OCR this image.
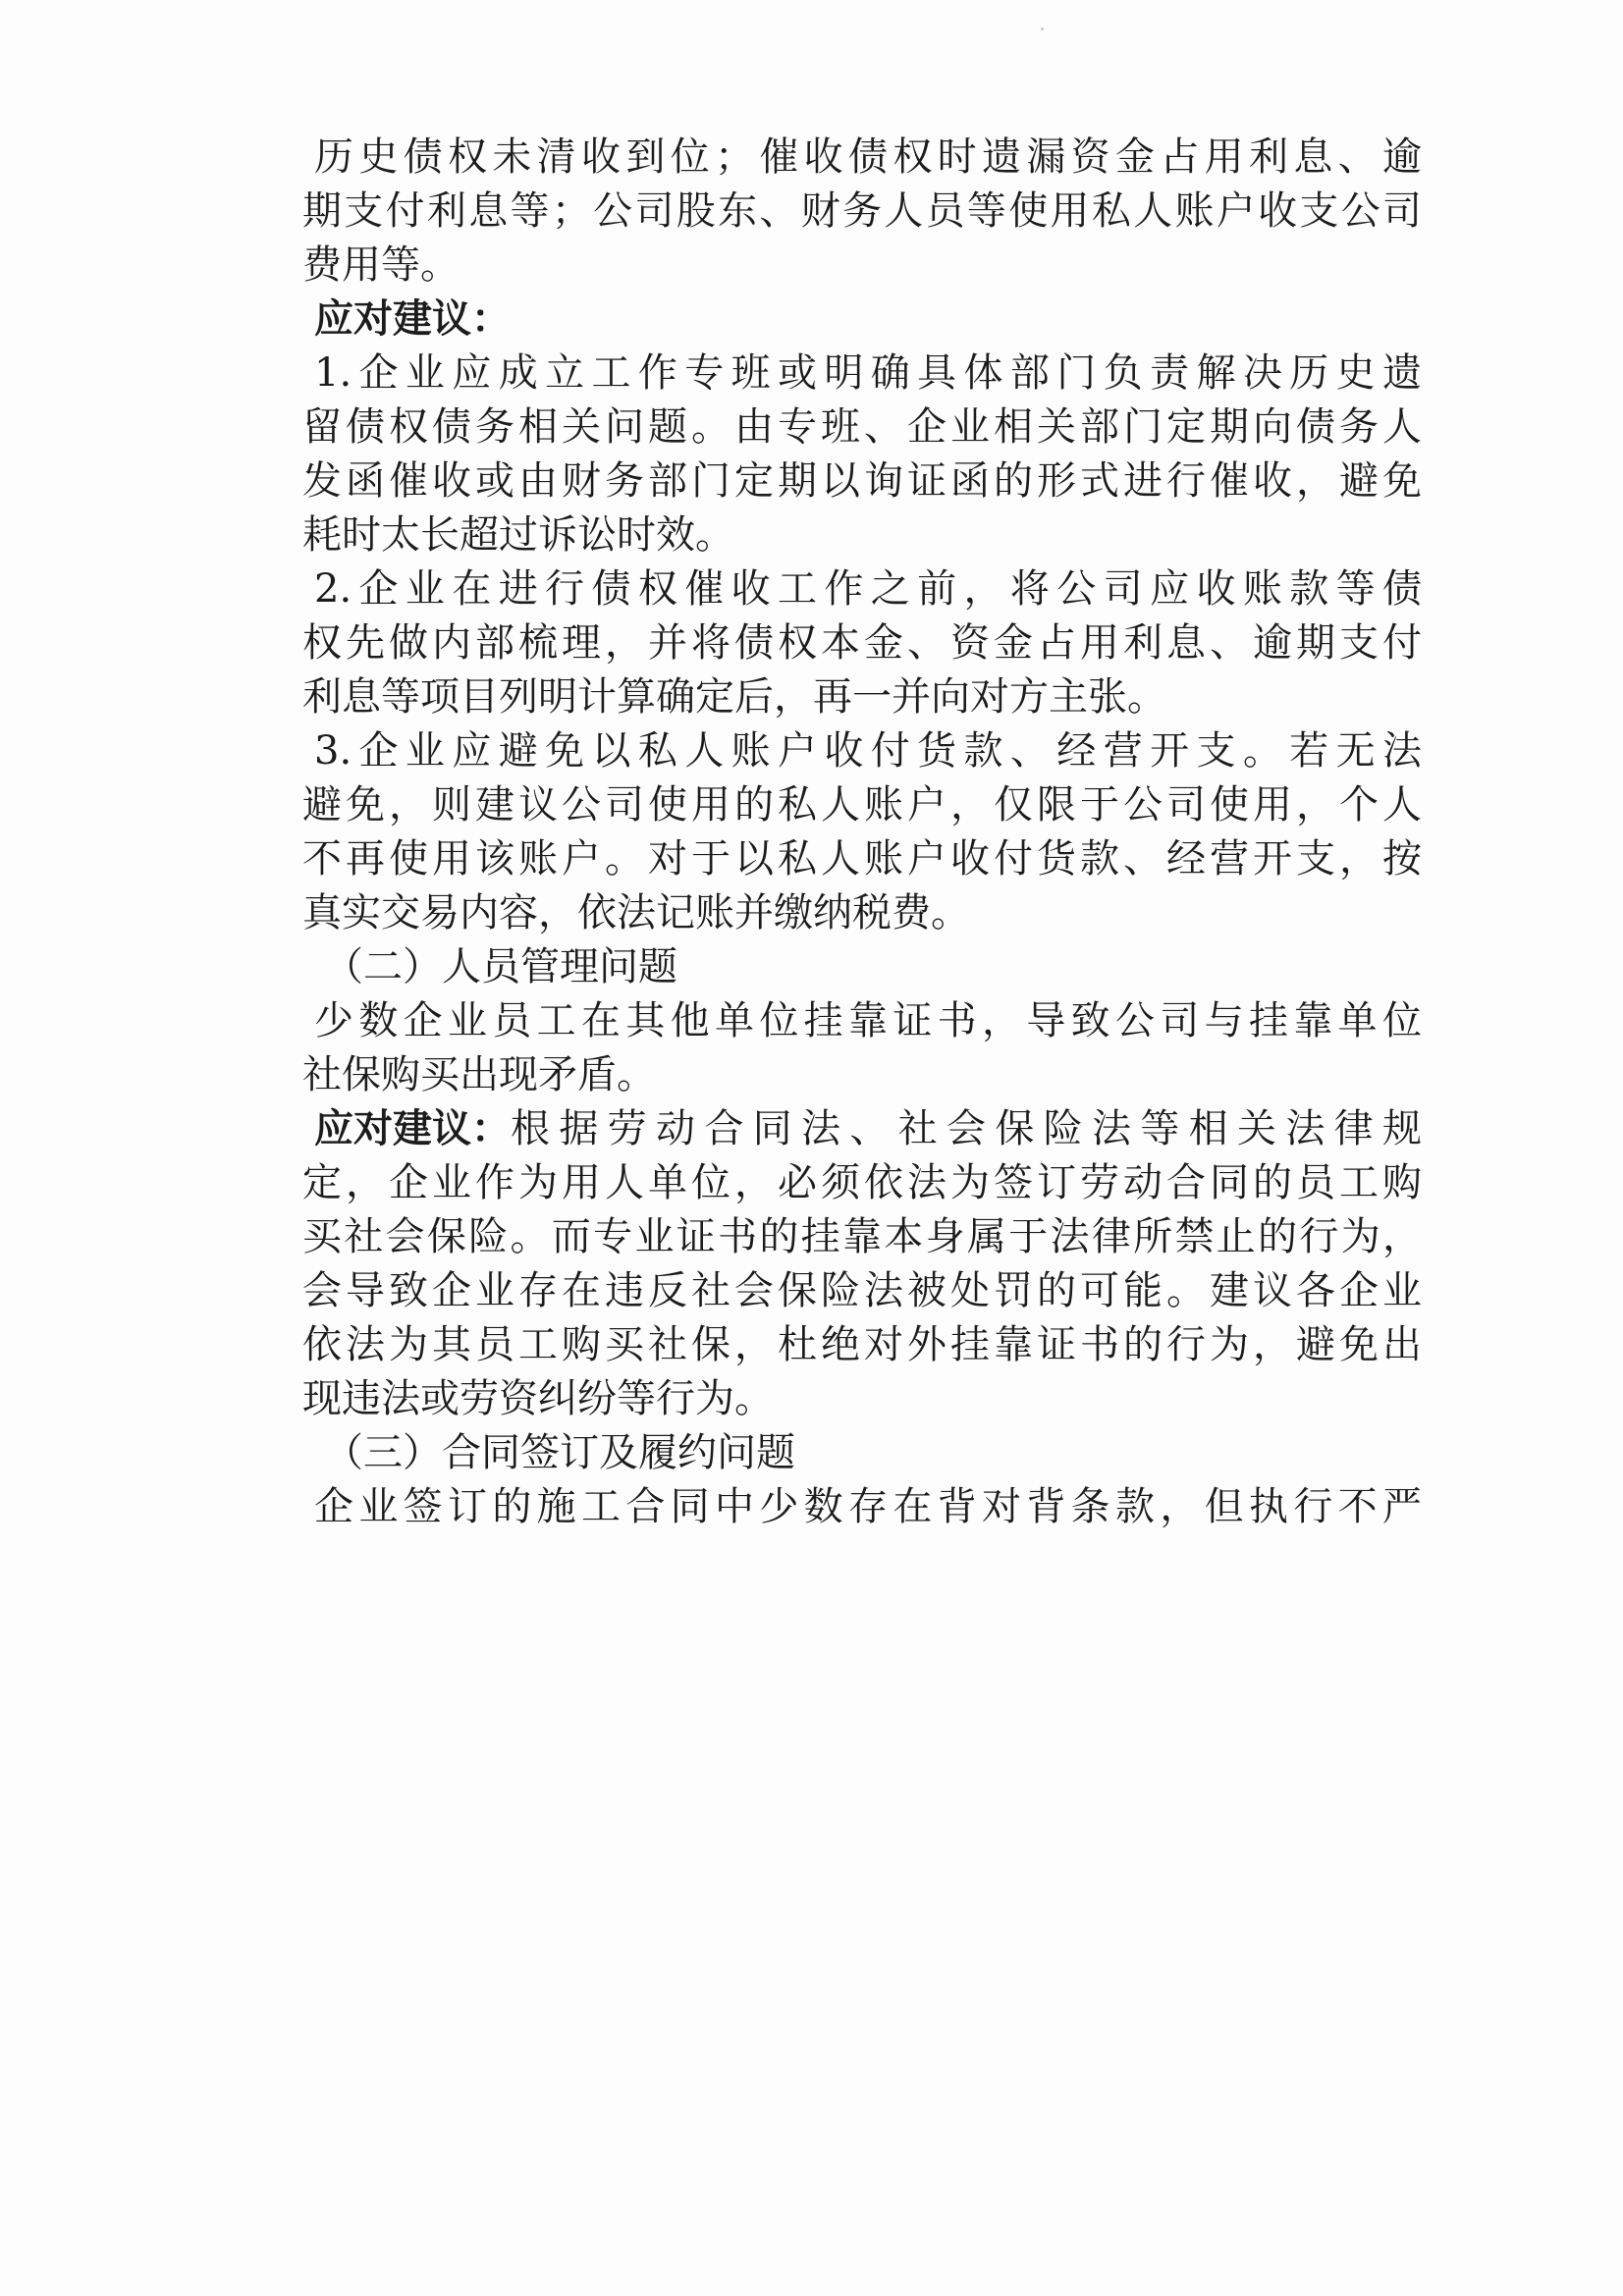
历史债权未清收到位；催收债权时遗漏资金占用利息、逾
期支付利息等；公司股东、财务人员等使用私人账户收支公司
费用等。
应对建议：
1.企业应成立工作专班或明确具体部门负责解决历史遗
留债权债务相关问题。由专班、企业相关部门定期向债务人
发函催收或由财务部门定期以询证函的形式进行催收，避免
耗时太长超过诉讼时效。
2.企业在进行债权催收工作之前，将公司应收账款等债
权先做内部梳理，并将债权本金、资金占用利息、逾期支付
利息等项目列明计算确定后，再一并向对方主张。
3.企业应避免以私人账户收付货款、经营开支。若无法
避免，则建议公司使用的私人账户，仅限于公司使用，个人
不再使用该账户。对于以私人账户收付货款、经营开支，按
真实交易内容，依法记账并缴纳税费。
（二）人员管理问题
少数企业员工在其他单位挂靠证书，导致公司与挂靠单位
社保购买出现矛盾。
应对建议： 根据劳动合同法、社会保险法等相关法律规
定，企业作为用人单位，必须依法为签订劳动合同的员工购
买社会保险。而专业证书的挂靠本身属于法律所禁止的行为，
会导致企业存在违反社会保险法被处罚的可能。建议各企业
依法为其员工购买社保，杜绝对外挂靠证书的行为，避免出
现违法或劳资纠纷等行为。
（三）合同签订及履约问题
企业签订的施工合同中少数存在背对背条款，但执行不严
